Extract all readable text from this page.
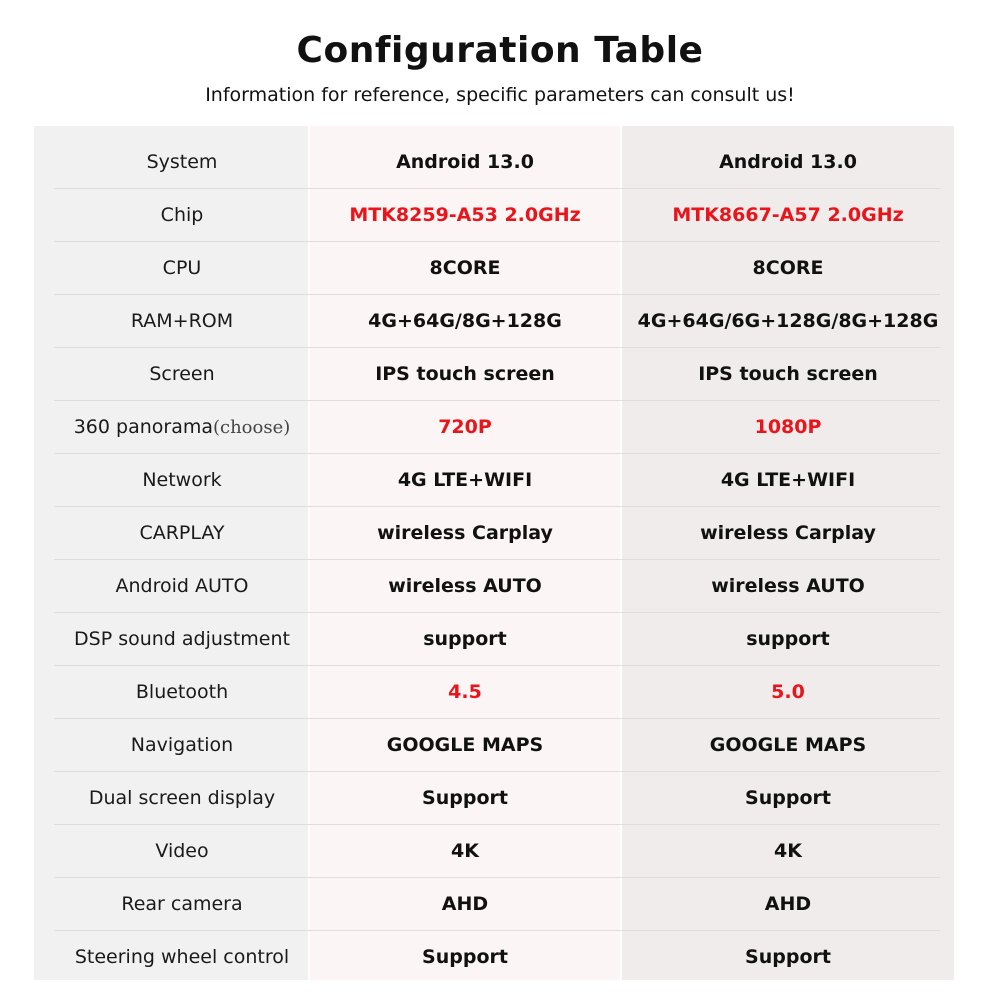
Configuration Table
Information for reference, specific parameters can consult us!
System	Android 13.0	Android 13.0
Chip	MTK8259-A53 2.0GHz	MTK8667-A57 2.0GHz
CPU	8CORE	8CORE
RAM+ROM	4G+64G/8G+128G	4G+64G/6G+128G/8G+128G
Screen	IPS touch screen	IPS touch screen
360 panorama(choose)	720P	1080P
Network	4G LTE+WIFI	4G LTE+WIFI
CARPLAY	wireless Carplay	wireless Carplay
Android AUTO	wireless AUTO	wireless AUTO
DSP sound adjustment	support	support
Bluetooth	4.5	5.0
Navigation	GOOGLE MAPS	GOOGLE MAPS
Dual screen display	Support	Support
Video	4K	4K
Rear camera	AHD	AHD
Steering wheel control	Support	Support
